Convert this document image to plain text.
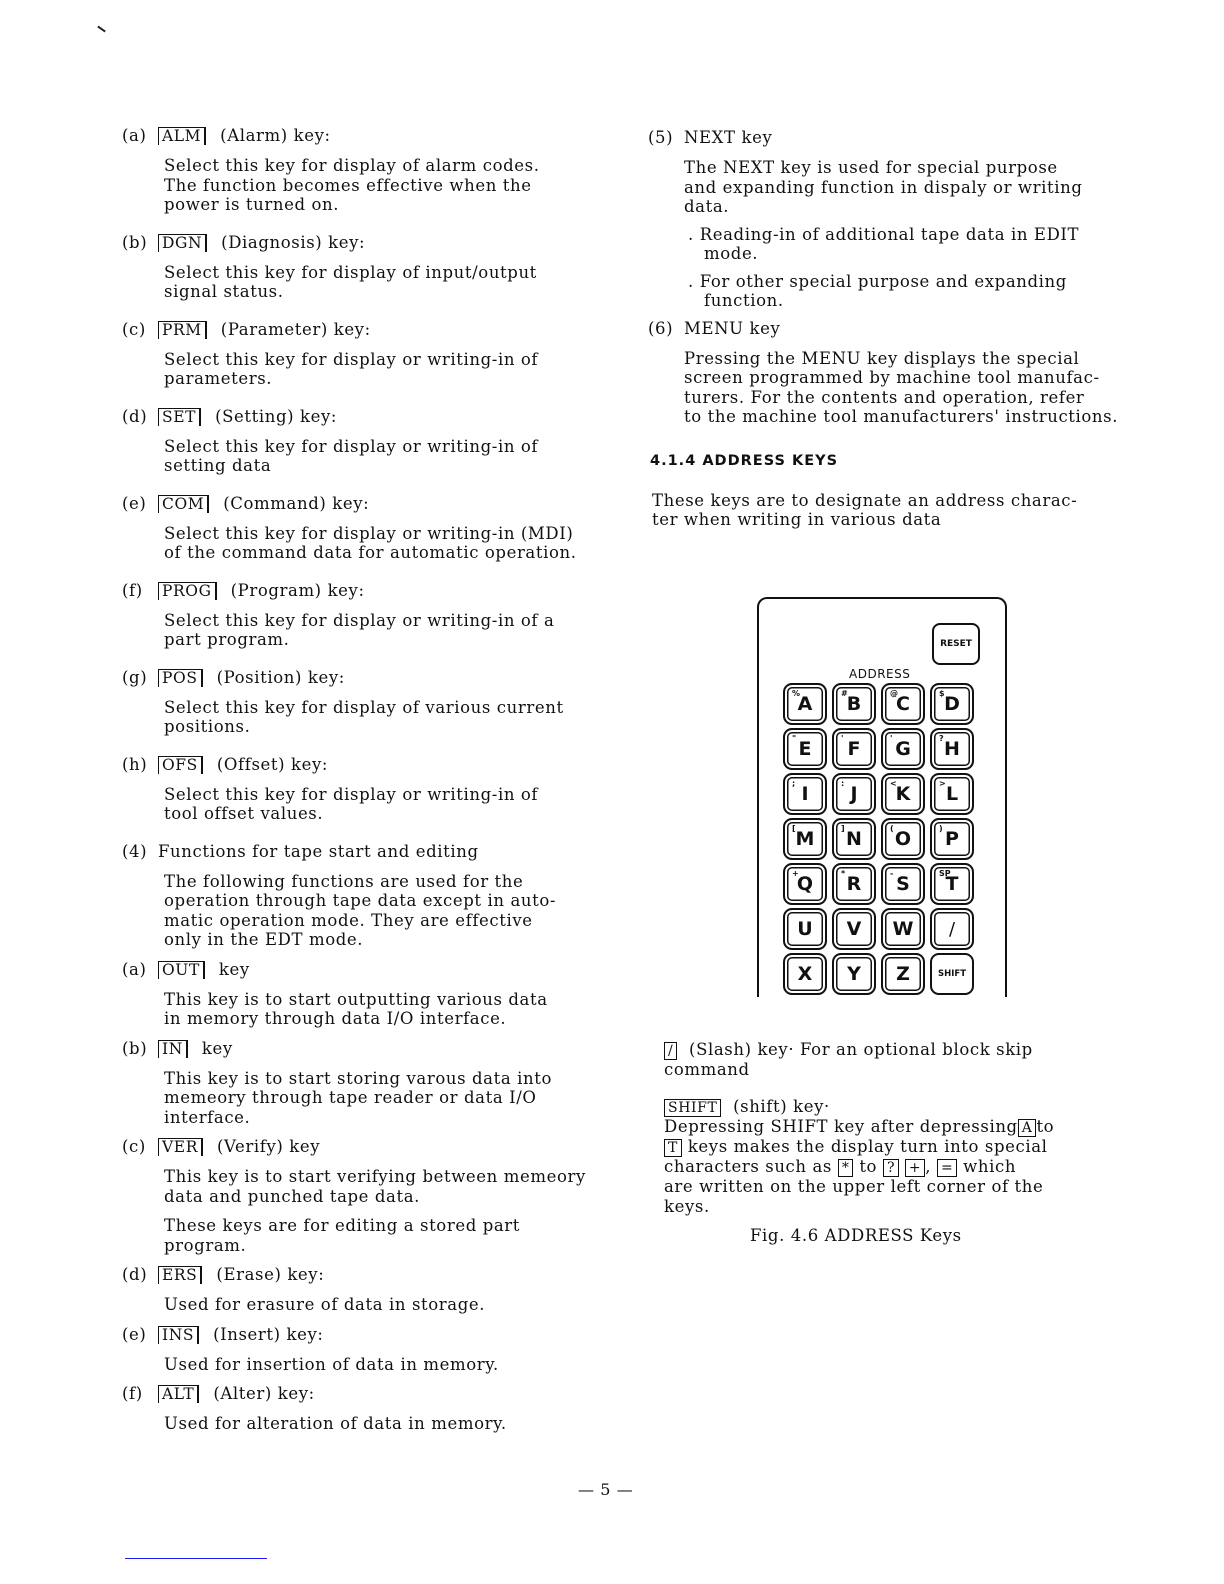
(a) ALM	(Alarm) key:
Select this key for display of alarm codes.
The function becomes effective when the
power is turned on.
(b) DGN	(Diagnosis) key:
Select this key for display of input/output
signal status.
(c)	PRM	(Parameter) key:
Select this key for display or writing-in of
parameters.
(d) SET	(Setting) key:
Select this key for display or writing-in of
setting data
(e)	COM	(Command) key:
Select this key for display or writing-in (MDI)
of the command data for automatic operation.
(f)	PROG	(Program) key:
Select this key for display or writing-in of a
part program.
(g) POS	(Position) key:
Select this key for display of various current
positions.
(h) OFS	(Offset) key:
Select this key for display or writing-in of
tool offset values.
(4) Functions for tape start and editing
The following functions are used for the
operation through tape data except in auto-
matic operation mode. They are effective
only in the EDT mode.
(a) OUT	key
This key is to start outputting various data
in memory through data I/O interface.
(b) IN	key
This key is to start storing varous data into
memeory through tape reader or data I/O
interface.
(c)	VER	(Verify) key
This key is to start verifying between memeory
data and punched tape data.
These keys are for editing a stored part
program.
(d) ERS	(Erase) key:
Used for erasure of data in storage.
(e)	INS	(Insert) key:
Used for insertion of data in memory.
(f)	ALT	(Alter) key:
Used for alteration of data in memory.
(5) NEXT key
The NEXT key is used for special purpose
and expanding function in dispaly or writing
data.
. Reading-in of additional tape data in EDIT
mode.
. For other special purpose and expanding
function.
(6) MENU key
Pressing the MENU key displays the special
screen programmed by machine tool manufac-
turers. For the contents and operation, refer
to the machine tool manufacturers' instructions.
4.1.4 ADDRESS KEYS
These keys are to designate an address charac-
ter when writing in various data
RESET
ADDRESS
%
A	# B	@
C	$ D
" E	' F	' G	? H
; I	: J	<
K	> L
[ M	] N	( O	) P
+
Q	* R	- S	SP
T
U V W /
X Y Z	SHIFT
/ (Slash) key· For an optional block skip
command
SHIFT (shift) key·
Depressing SHIFT key after depressing A to
T keys makes the display turn into special
characters such as * to ? + , = which
are written on the upper left corner of the
keys.
Fig. 4.6 ADDRESS Keys
— 5 —
